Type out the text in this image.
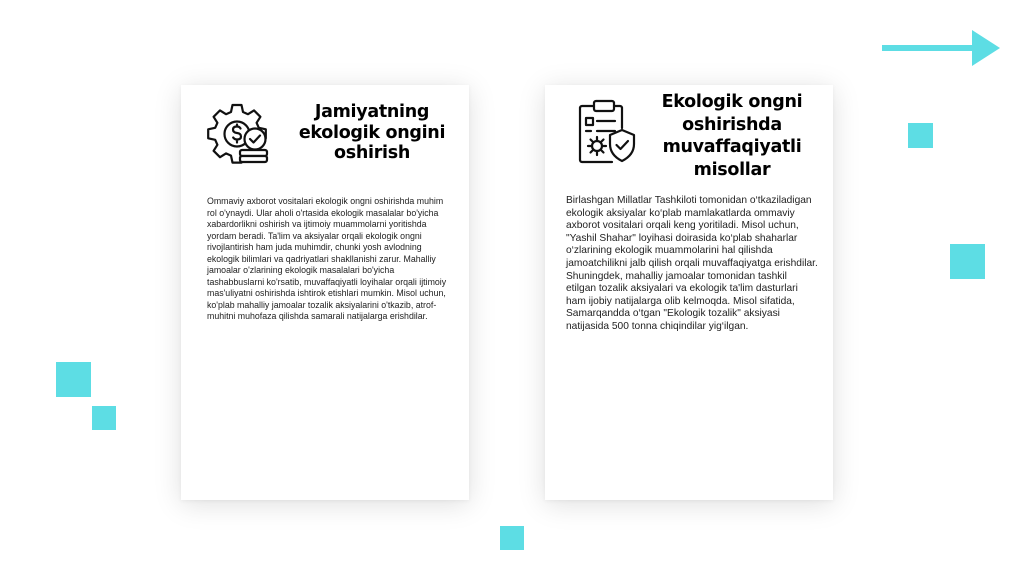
Jamiyatning
ekologik ongini
oshirish

Ommaviy axborot vositalari ekologik ongni oshirishda muhim rol o'ynaydi. Ular aholi o'rtasida ekologik masalalar bo'yicha xabardorlikni oshirish va ijtimoiy muammolarni yoritishda yordam beradi. Ta'lim va aksiyalar orqali ekologik ongni rivojlantirish ham juda muhimdir, chunki yosh avlodning ekologik bilimlari va qadriyatlari shakllanishi zarur. Mahalliy jamoalar o'zlarining ekologik masalalari bo'yicha tashabbuslarni ko'rsatib, muvaffaqiyatli loyihalar orqali ijtimoiy mas'uliyatni oshirishda ishtirok etishlari mumkin. Misol uchun, ko'plab mahalliy jamoalar tozalik aksiyalarini o'tkazib, atrof-muhitni muhofaza qilishda samarali natijalarga erishdilar.

Ekologik ongni
oshirishda
muvaffaqiyatli
misollar

Birlashgan Millatlar Tashkiloti tomonidan o‘tkaziladigan ekologik aksiyalar ko‘plab mamlakatlarda ommaviy axborot vositalari orqali keng yoritiladi. Misol uchun, "Yashil Shahar" loyihasi doirasida ko‘plab shaharlar o‘zlarining ekologik muammolarini hal qilishda jamoatchilikni jalb qilish orqali muvaffaqiyatga erishdilar. Shuningdek, mahalliy jamoalar tomonidan tashkil etilgan tozalik aksiyalari va ekologik ta'lim dasturlari ham ijobiy natijalarga olib kelmoqda. Misol sifatida, Samarqandda o‘tgan "Ekologik tozalik" aksiyasi natijasida 500 tonna chiqindilar yig‘ilgan.
